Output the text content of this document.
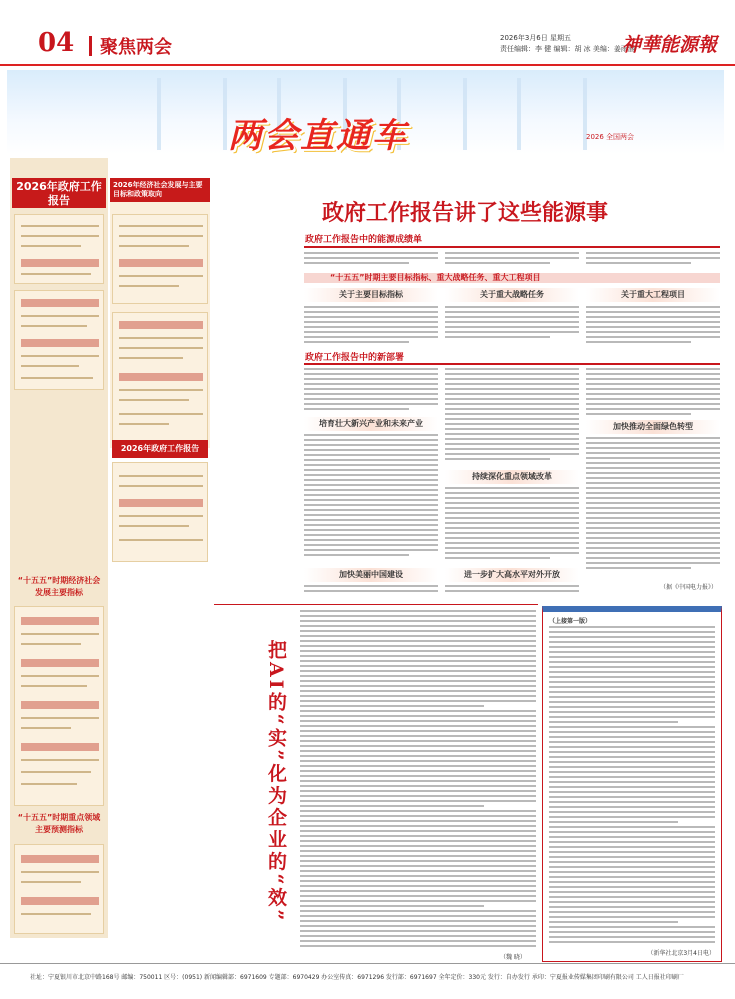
04 聚焦两会	2026年3月6日 星期五
责任编辑：李 健 编辑：胡 冰 美编：姜雨涵
神華能源報
两会直通车	2026 全国两会
2026年政府工作报告
2026年经济社会发展与主要目标和政策取向
2026年政府工作报告
“十五五”时期经济社会发展主要指标
“十五五”时期重点领域主要预测指标
政府工作报告讲了这些能源事
政府工作报告中的能源成绩单
“十五五”时期主要目标指标、重大战略任务、重大工程项目
关于主要目标指标	关于重大战略任务	关于重大工程项目
政府工作报告中的新部署
培育壮大新兴产业和未来产业
加快美丽中国建设
持续深化重点领域改革
进一步扩大高水平对外开放
加快推动全面绿色转型
（据《中国电力报》）
把AI的“实”化为企业的“效”
（魏 晓）
（上接第一版）
（新华社北京3月4日电）
社址：宁夏银川市北京中路168号 邮编：750011 区号：(0951) 新闻编辑部：6971609 专题部：6970429 办公室传真：6971296 发行部：6971697 全年定价：330元 发行：自办发行 承印：宁夏报业传媒集团印刷有限公司 工人日报社印刷厂
